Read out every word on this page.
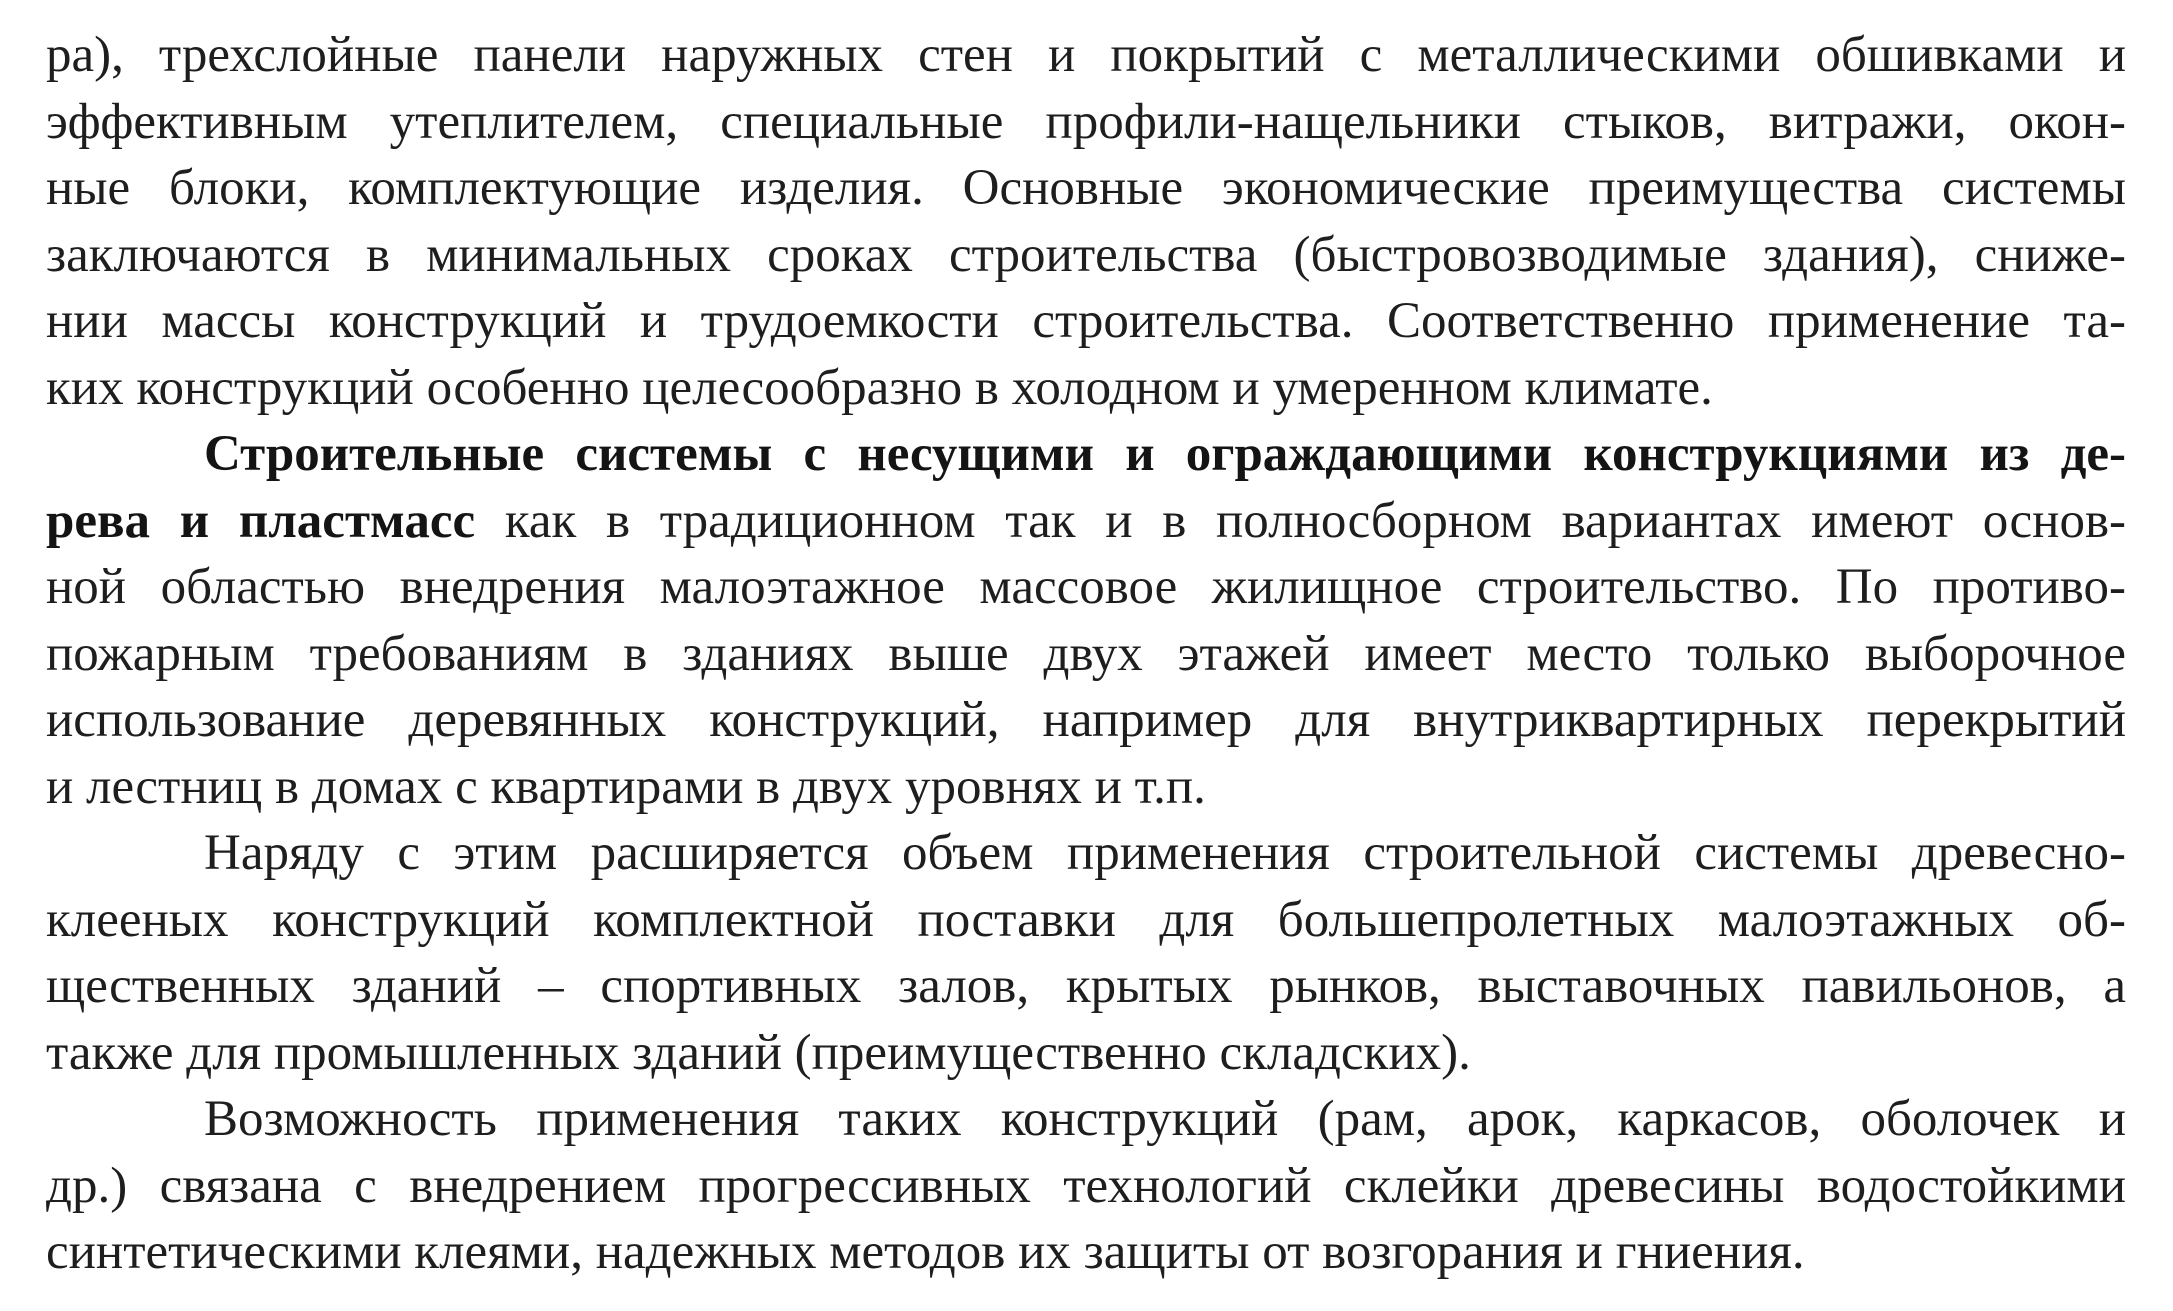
ра), трехслойные панели наружных стен и покрытий с металлическими обшивками и
эффективным утеплителем, специальные профили-нащельники стыков, витражи, окон-
ные блоки, комплектующие изделия. Основные экономические преимущества системы
заключаются в минимальных сроках строительства (быстровозводимые здания), сниже-
нии массы конструкций и трудоемкости строительства. Соответственно применение та-
ких конструкций особенно целесообразно в холодном и умеренном климате.
Строительные системы с несущими и ограждающими конструкциями из де-
рева и пластмасс как в традиционном так и в полносборном вариантах имеют основ-
ной областью внедрения малоэтажное массовое жилищное строительство. По противо-
пожарным требованиям в зданиях выше двух этажей имеет место только выборочное
использование деревянных конструкций, например для внутриквартирных перекрытий
и лестниц в домах с квартирами в двух уровнях и т.п.
Наряду с этим расширяется объем применения строительной системы древесно-
клееных конструкций комплектной поставки для большепролетных малоэтажных об-
щественных зданий – спортивных залов, крытых рынков, выставочных павильонов, а
также для промышленных зданий (преимущественно складских).
Возможность применения таких конструкций (рам, арок, каркасов, оболочек и
др.) связана с внедрением прогрессивных технологий склейки древесины водостойкими
синтетическими клеями, надежных методов их защиты от возгорания и гниения.
